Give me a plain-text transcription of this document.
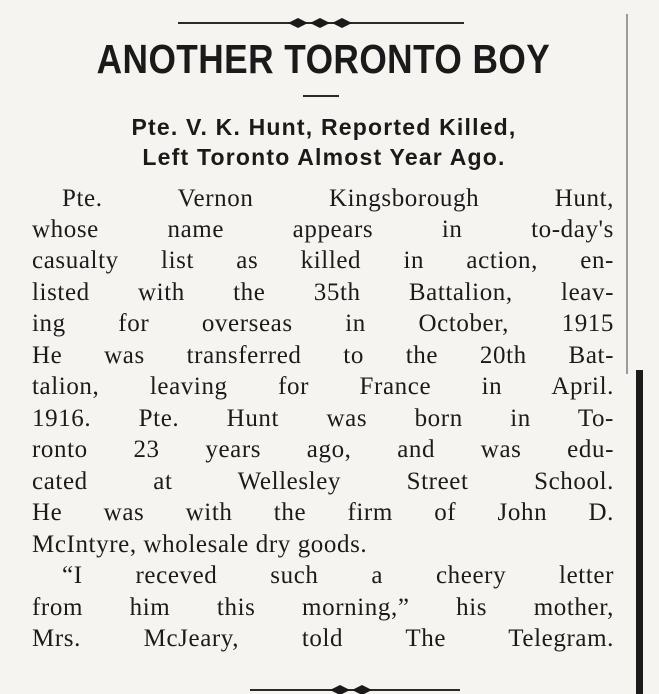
ANOTHER TORONTO BOY
Pte. V. K. Hunt, Reported Killed,
Left Toronto Almost Year Ago.
Pte. Vernon Kingsborough Hunt,
whose name appears in to-day's
casualty list as killed in action, en-
listed with the 35th Battalion, leav-
ing for overseas in October, 1915
He was transferred to the 20th Bat-
talion, leaving for France in April.
1916. Pte. Hunt was born in To-
ronto 23 years ago, and was edu-
cated at Wellesley Street School.
He was with the firm of John D.
McIntyre, wholesale dry goods.
“I receved such a cheery letter
from him this morning,” his mother,
Mrs. McJeary, told The Telegram.
